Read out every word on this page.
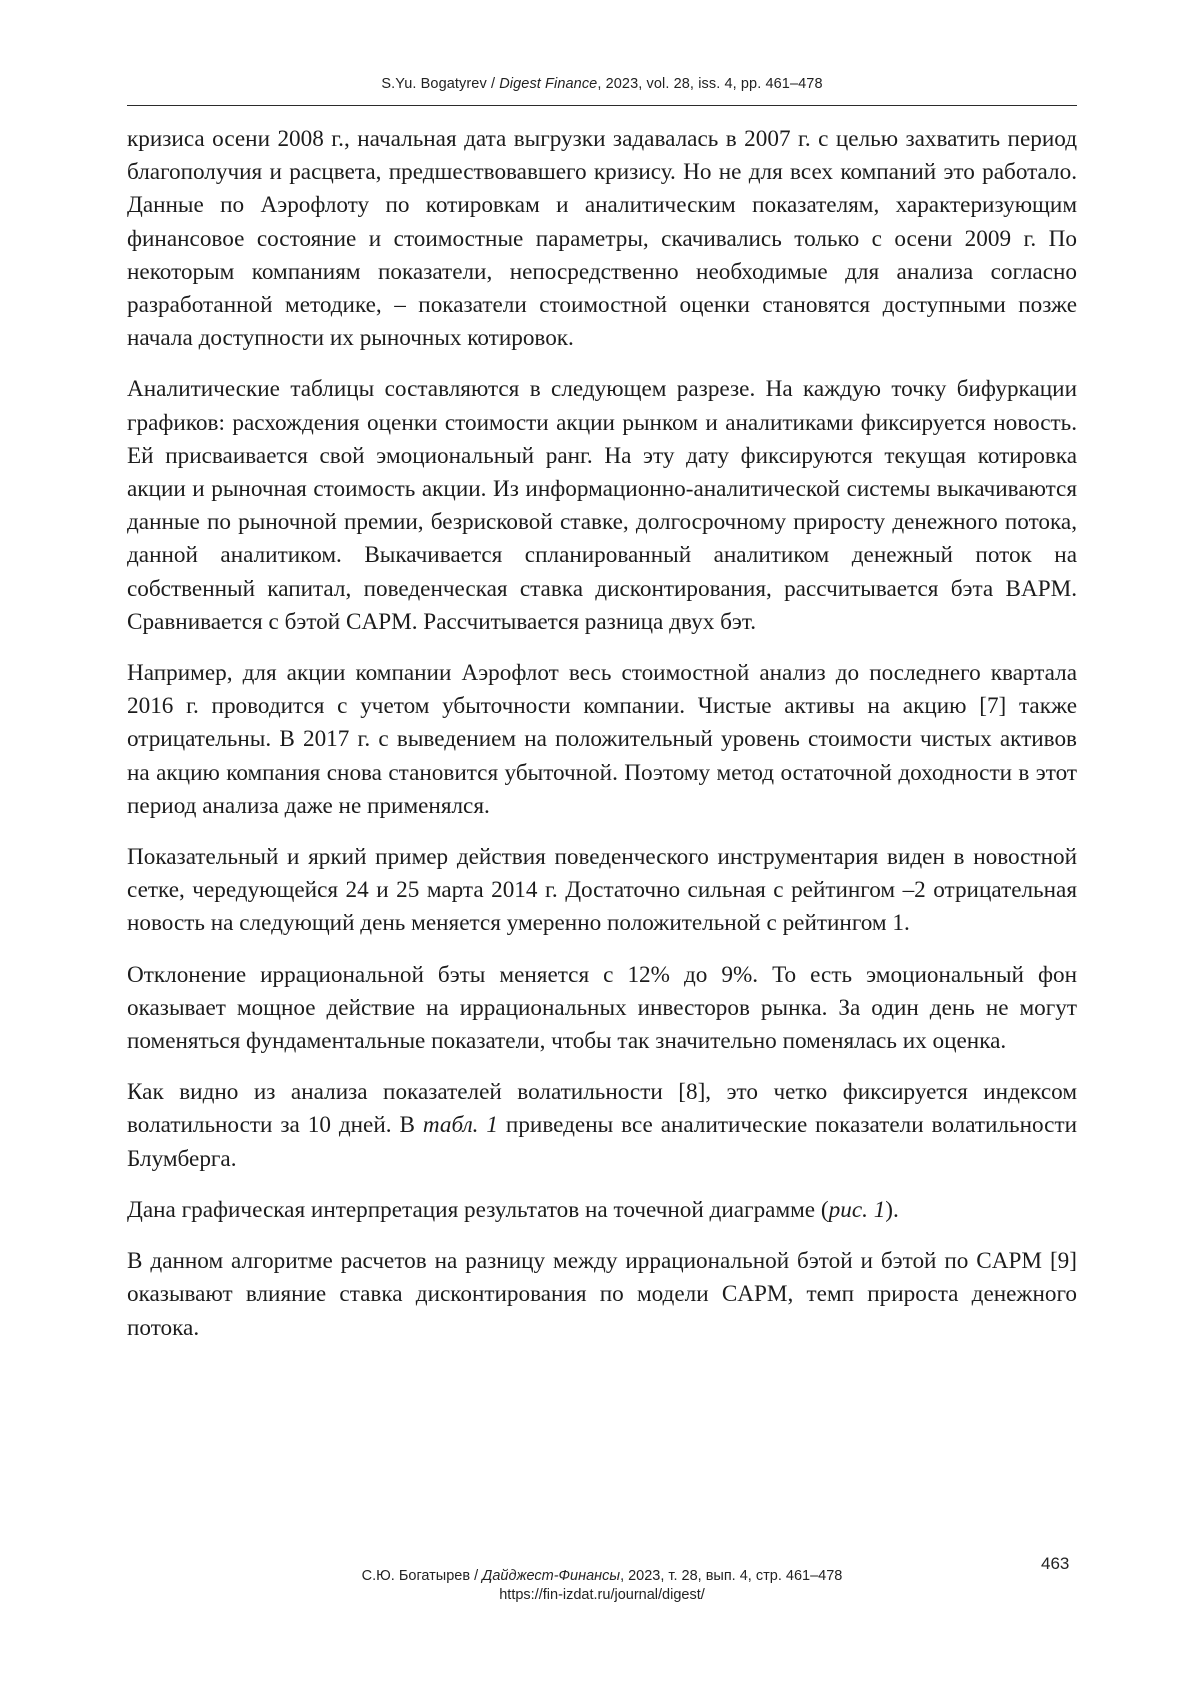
S.Yu. Bogatyrev / Digest Finance, 2023, vol. 28, iss. 4, pp. 461–478

кризиса осени 2008 г., начальная дата выгрузки задавалась в 2007 г. с целью захватить период благополучия и расцвета, предшествовавшего кризису. Но не для всех компаний это работало. Данные по Аэрофлоту по котировкам и аналитическим показателям, характеризующим финансовое состояние и стоимостные параметры, скачивались только с осени 2009 г. По некоторым компаниям показатели, непосредственно необходимые для анализа согласно разработанной методике, – показатели стоимостной оценки становятся доступными позже начала доступности их рыночных котировок.

Аналитические таблицы составляются в следующем разрезе. На каждую точку бифуркации графиков: расхождения оценки стоимости акции рынком и аналитиками фиксируется новость. Ей присваивается свой эмоциональный ранг. На эту дату фиксируются текущая котировка акции и рыночная стоимость акции. Из информационно-аналитической системы выкачиваются данные по рыночной премии, безрисковой ставке, долгосрочному приросту денежного потока, данной аналитиком. Выкачивается спланированный аналитиком денежный поток на собственный капитал, поведенческая ставка дисконтирования, рассчитывается бэта BAPM. Сравнивается с бэтой CAPM. Рассчитывается разница двух бэт.

Например, для акции компании Аэрофлот весь стоимостной анализ до последнего квартала 2016 г. проводится с учетом убыточности компании. Чистые активы на акцию [7] также отрицательны. В 2017 г. с выведением на положительный уровень стоимости чистых активов на акцию компания снова становится убыточной. Поэтому метод остаточной доходности в этот период анализа даже не применялся.

Показательный и яркий пример действия поведенческого инструментария виден в новостной сетке, чередующейся 24 и 25 марта 2014 г. Достаточно сильная с рейтингом –2 отрицательная новость на следующий день меняется умеренно положительной с рейтингом 1.

Отклонение иррациональной бэты меняется с 12% до 9%. То есть эмоциональный фон оказывает мощное действие на иррациональных инвесторов рынка. За один день не могут поменяться фундаментальные показатели, чтобы так значительно поменялась их оценка.

Как видно из анализа показателей волатильности [8], это четко фиксируется индексом волатильности за 10 дней. В табл. 1 приведены все аналитические показатели волатильности Блумберга.

Дана графическая интерпретация результатов на точечной диаграмме (рис. 1).

В данном алгоритме расчетов на разницу между иррациональной бэтой и бэтой по CAPM [9] оказывают влияние ставка дисконтирования по модели CAPM, темп прироста денежного потока.

С.Ю. Богатырев / Дайджест-Финансы, 2023, т. 28, вып. 4, стр. 461–478
https://fin-izdat.ru/journal/digest/
463
